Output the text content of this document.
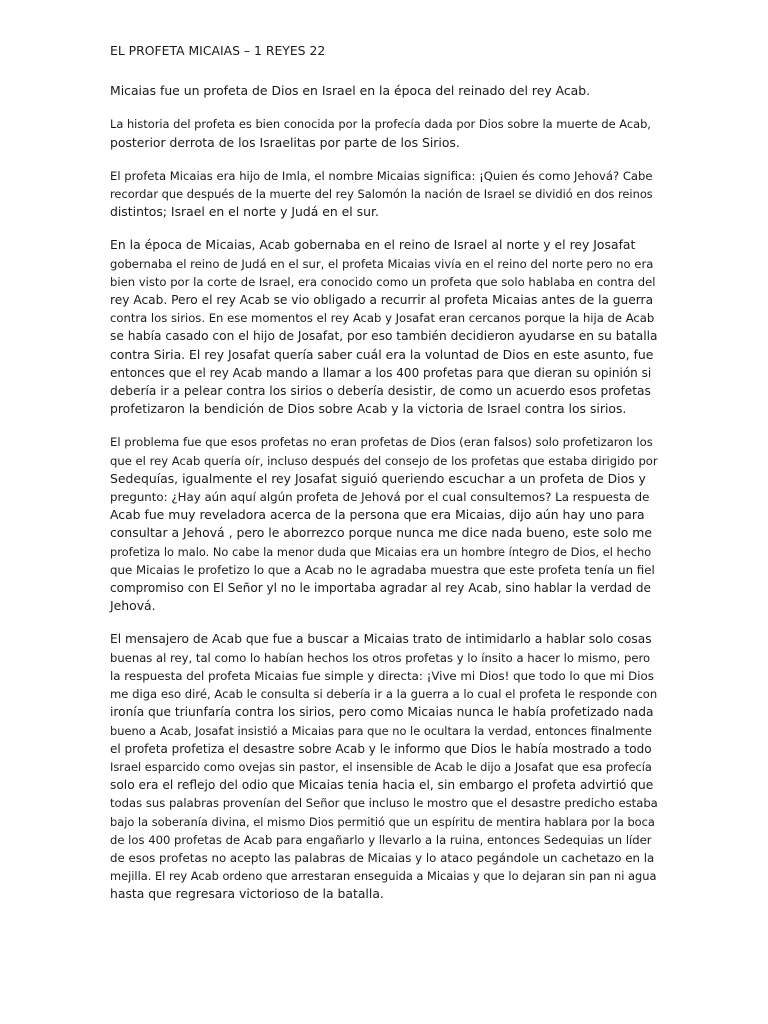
EL PROFETA MICAIAS – 1 REYES 22
Micaias fue un profeta de Dios en Israel en la época del reinado del rey Acab.
La historia del profeta es bien conocida por la profecía dada por Dios sobre la muerte de Acab,
posterior derrota de los Israelitas por parte de los Sirios.
El profeta Micaias era hijo de Imla, el nombre Micaias significa: ¡Quien és como Jehová? Cabe
recordar que después de la muerte del rey Salomón la nación de Israel se dividió en dos reinos
distintos; Israel en el norte y Judá en el sur.
En la época de Micaias, Acab gobernaba en el reino de Israel al norte y el rey Josafat
gobernaba el reino de Judá en el sur, el profeta Micaias vivía en el reino del norte pero no era
bien visto por la corte de Israel, era conocido como un profeta que solo hablaba en contra del
rey Acab. Pero el rey Acab se vio obligado a recurrir al profeta Micaias antes de la guerra
contra los sirios. En ese momentos el rey Acab y Josafat eran cercanos porque la hija de Acab
se había casado con el hijo de Josafat, por eso también decidieron ayudarse en su batalla
contra Siria. El rey Josafat quería saber cuál era la voluntad de Dios en este asunto, fue
entonces que el rey Acab mando a llamar a los 400 profetas para que dieran su opinión si
debería ir a pelear contra los sirios o debería desistir, de como un acuerdo esos profetas
profetizaron la bendición de Dios sobre Acab y la victoria de Israel contra los sirios.
El problema fue que esos profetas no eran profetas de Dios (eran falsos) solo profetizaron los
que el rey Acab quería oír, incluso después del consejo de los profetas que estaba dirigido por
Sedequías, igualmente el rey Josafat siguió queriendo escuchar a un profeta de Dios y
pregunto: ¿Hay aún aquí algún profeta de Jehová por el cual consultemos? La respuesta de
Acab fue muy reveladora acerca de la persona que era Micaias, dijo aún hay uno para
consultar a Jehová , pero le aborrezco porque nunca me dice nada bueno, este solo me
profetiza lo malo. No cabe la menor duda que Micaias era un hombre íntegro de Dios, el hecho
que Micaias le profetizo lo que a Acab no le agradaba muestra que este profeta tenía un fiel
compromiso con El Señor yl no le importaba agradar al rey Acab, sino hablar la verdad de
Jehová.
El mensajero de Acab que fue a buscar a Micaias trato de intimidarlo a hablar solo cosas
buenas al rey, tal como lo habían hechos los otros profetas y lo ínsito a hacer lo mismo, pero
la respuesta del profeta Micaias fue simple y directa: ¡Vive mi Dios! que todo lo que mi Dios
me diga eso diré, Acab le consulta si debería ir a la guerra a lo cual el profeta le responde con
ironía que triunfaría contra los sirios, pero como Micaias nunca le había profetizado nada
bueno a Acab, Josafat insistió a Micaias para que no le ocultara la verdad, entonces finalmente
el profeta profetiza el desastre sobre Acab y le informo que Dios le había mostrado a todo
Israel esparcido como ovejas sin pastor, el insensible de Acab le dijo a Josafat que esa profecía
solo era el reflejo del odio que Micaias tenia hacia el, sin embargo el profeta advirtió que
todas sus palabras provenían del Señor que incluso le mostro que el desastre predicho estaba
bajo la soberanía divina, el mismo Dios permitió que un espíritu de mentira hablara por la boca
de los 400 profetas de Acab para engañarlo y llevarlo a la ruina, entonces Sedequias un líder
de esos profetas no acepto las palabras de Micaias y lo ataco pegándole un cachetazo en la
mejilla. El rey Acab ordeno que arrestaran enseguida a Micaias y que lo dejaran sin pan ni agua
hasta que regresara victorioso de la batalla.
